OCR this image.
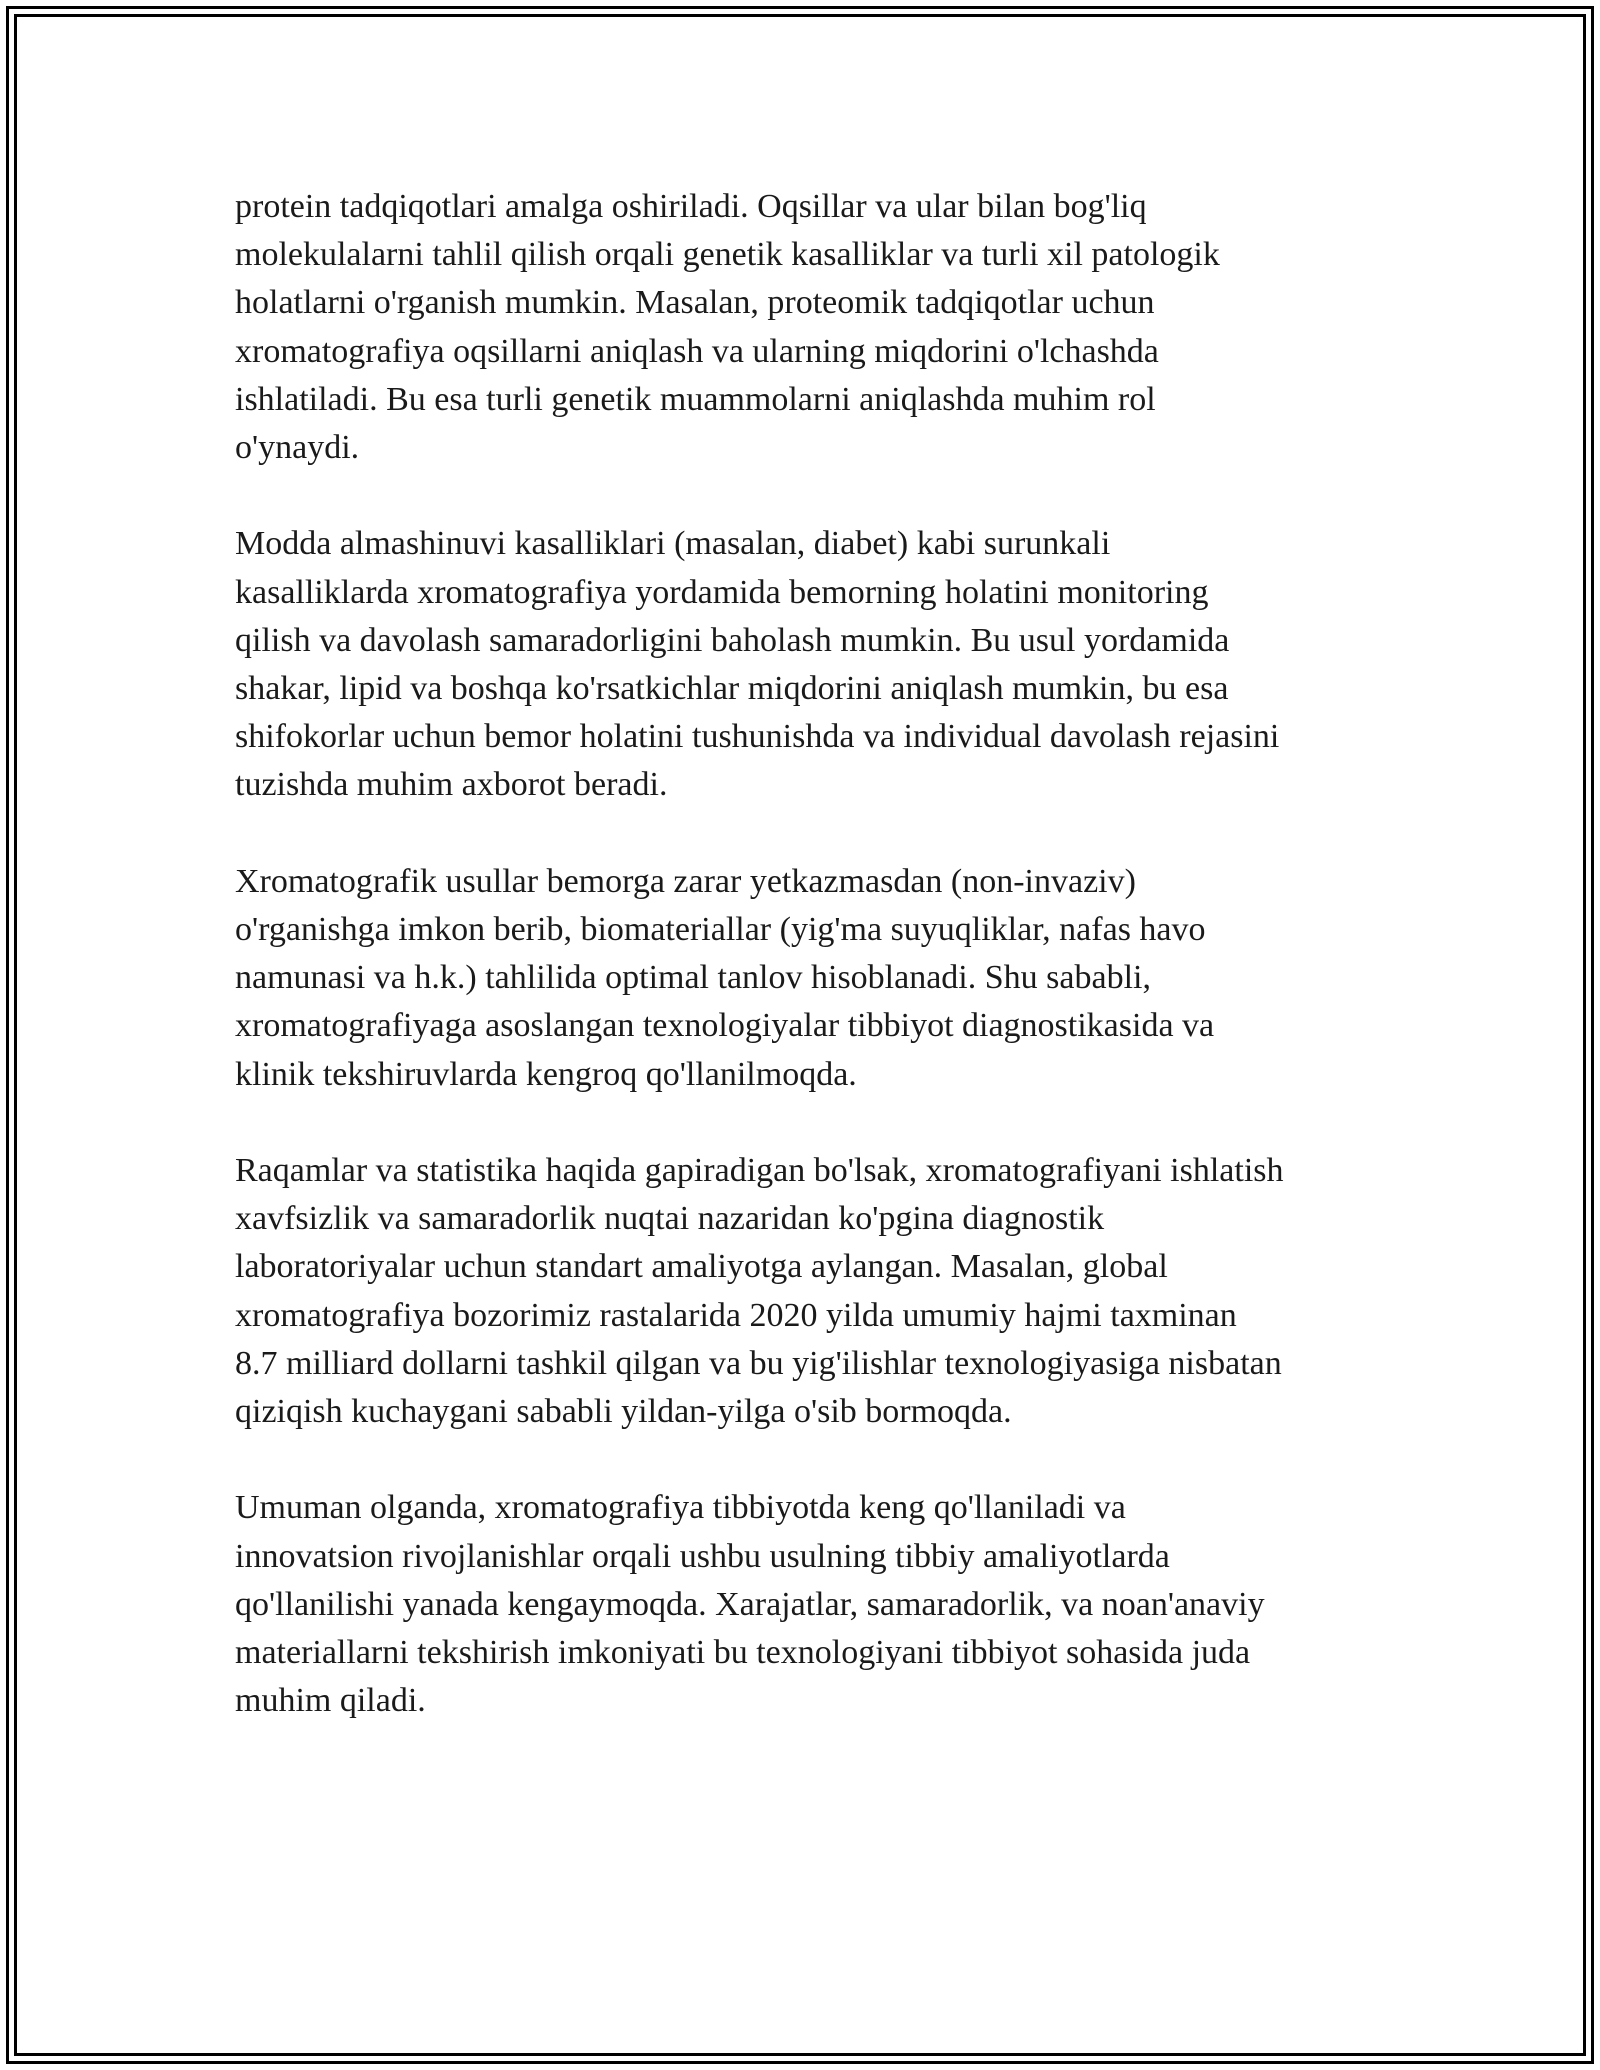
protein tadqiqotlari amalga oshiriladi. Oqsillar va ular bilan bog'liq
molekulalarni tahlil qilish orqali genetik kasalliklar va turli xil patologik
holatlarni o'rganish mumkin. Masalan, proteomik tadqiqotlar uchun
xromatografiya oqsillarni aniqlash va ularning miqdorini o'lchashda
ishlatiladi. Bu esa turli genetik muammolarni aniqlashda muhim rol
o'ynaydi.

Modda almashinuvi kasalliklari (masalan, diabet) kabi surunkali
kasalliklarda xromatografiya yordamida bemorning holatini monitoring
qilish va davolash samaradorligini baholash mumkin. Bu usul yordamida
shakar, lipid va boshqa ko'rsatkichlar miqdorini aniqlash mumkin, bu esa
shifokorlar uchun bemor holatini tushunishda va individual davolash rejasini
tuzishda muhim axborot beradi.

Xromatografik usullar bemorga zarar yetkazmasdan (non-invaziv)
o'rganishga imkon berib, biomateriallar (yig'ma suyuqliklar, nafas havo
namunasi va h.k.) tahlilida optimal tanlov hisoblanadi. Shu sababli,
xromatografiyaga asoslangan texnologiyalar tibbiyot diagnostikasida va
klinik tekshiruvlarda kengroq qo'llanilmoqda.

Raqamlar va statistika haqida gapiradigan bo'lsak, xromatografiyani ishlatish
xavfsizlik va samaradorlik nuqtai nazaridan ko'pgina diagnostik
laboratoriyalar uchun standart amaliyotga aylangan. Masalan, global
xromatografiya bozorimiz rastalarida 2020 yilda umumiy hajmi taxminan
8.7 milliard dollarni tashkil qilgan va bu yig'ilishlar texnologiyasiga nisbatan
qiziqish kuchaygani sababli yildan-yilga o'sib bormoqda.

Umuman olganda, xromatografiya tibbiyotda keng qo'llaniladi va
innovatsion rivojlanishlar orqali ushbu usulning tibbiy amaliyotlarda
qo'llanilishi yanada kengaymoqda. Xarajatlar, samaradorlik, va noan'anaviy
materiallarni tekshirish imkoniyati bu texnologiyani tibbiyot sohasida juda
muhim qiladi.
